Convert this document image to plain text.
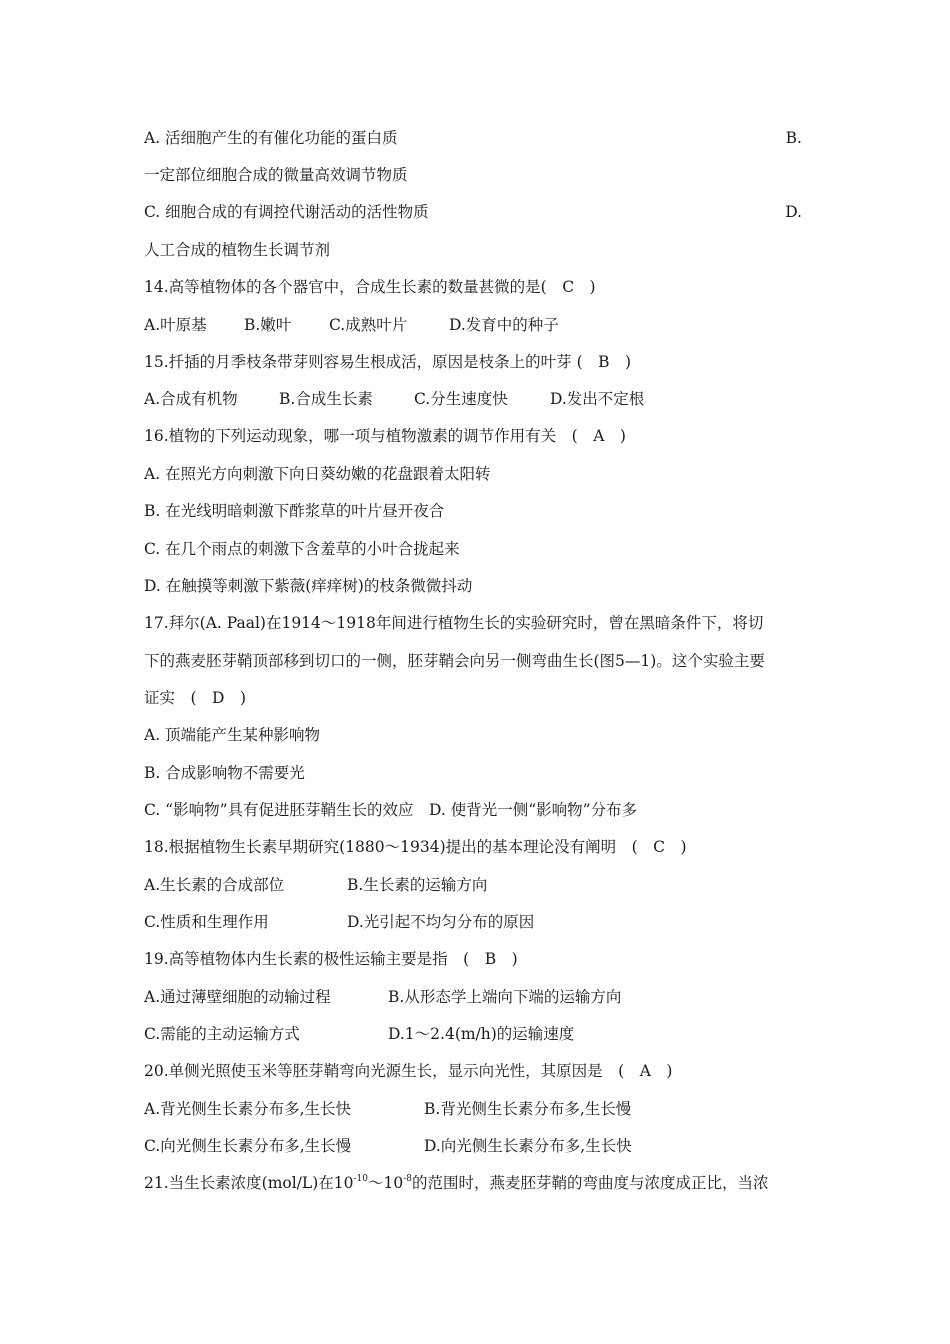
A. 活细胞产生的有催化功能的蛋白质	B.
一定部位细胞合成的微量高效调节物质
C. 细胞合成的有调控代谢活动的活性物质	D.
人工合成的植物生长调节剂
14.高等植物体的各个器官中，合成生长素的数量甚微的是(　C　)
A.叶原基 B.嫩叶 C.成熟叶片	D.发育中的种子
15.扦插的月季枝条带芽则容易生根成活，原因是枝条上的叶芽 (　B　)
A.合成有机物	B.合成生长素	C.分生速度快	D.发出不定根
16.植物的下列运动现象，哪一项与植物激素的调节作用有关　(　A　)
A. 在照光方向刺激下向日葵幼嫩的花盘跟着太阳转
B. 在光线明暗刺激下酢浆草的叶片昼开夜合
C. 在几个雨点的刺激下含羞草的小叶合拢起来
D. 在触摸等刺激下紫薇(痒痒树)的枝条微微抖动
17.拜尔(A. Paal)在1914～1918年间进行植物生长的实验研究时，曾在黑暗条件下，将切
下的燕麦胚芽鞘顶部移到切口的一侧，胚芽鞘会向另一侧弯曲生长(图5—1)。这个实验主要
证实　(　D　)
A. 顶端能产生某种影响物
B. 合成影响物不需要光
C. “影响物”具有促进胚芽鞘生长的效应　D. 使背光一侧“影响物”分布多
18.根据植物生长素早期研究(1880～1934)提出的基本理论没有阐明　(　C　)
A.生长素的合成部位	B.生长素的运输方向
C.性质和生理作用	D.光引起不均匀分布的原因
19.高等植物体内生长素的极性运输主要是指　(　B　)
A.通过薄壁细胞的动输过程	B.从形态学上端向下端的运输方向
C.需能的主动运输方式	D.1～2.4(m/h)的运输速度
20.单侧光照使玉米等胚芽鞘弯向光源生长，显示向光性，其原因是　(　A　)
A.背光侧生长素分布多,生长快	B.背光侧生长素分布多,生长慢
C.向光侧生长素分布多,生长慢	D.向光侧生长素分布多,生长快
21.当生长素浓度(mol/L)在$10^{-10}\sim 10^{-8}$的范围时，燕麦胚芽鞘的弯曲度与浓度成正比，当浓
